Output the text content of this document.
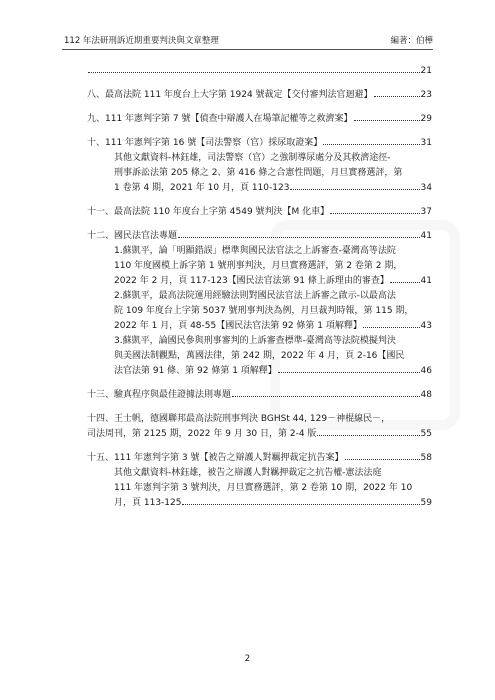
112 年法研刑訴近期重要判決與文章整理	編著：伯樺
21
八、最高法院 111 年度台上大字第 1924 號裁定【交付審判法官迴避】	23
九、111 年憲判字第 7 號【偵查中辯護人在場筆記權等之救濟案】	29
十、111 年憲判字第 16 號【司法警察（官）採尿取證案】	31
其他文獻資料-林鈺雄，司法警察（官）之強制導尿處分及其救濟途徑-
刑事訴訟法第 205 條之 2、第 416 條之合憲性問題，月旦實務選評，第
1 卷第 4 期，2021 年 10 月，頁 110-123	34
十一、最高法院 110 年度台上字第 4549 號判決【M 化車】	37
十二、國民法官法專題	41
1.蘇凱平，論「明顯錯誤」標準與國民法官法之上訴審查-臺灣高等法院
110 年度國模上訴字第 1 號刑事判決，月旦實務選評，第 2 卷第 2 期，
2022 年 2 月，頁 117-123【國民法官法第 91 條上訴理由的審查】	41
2.蘇凱平，最高法院運用經驗法則對國民法官法上訴審之啟示-以最高法
院 109 年度台上字第 5037 號刑事判決為例，月旦裁判時報，第 115 期，
2022 年 1 月，頁 48-55【國民法官法第 92 條第 1 項解釋】	43
3.蘇凱平，論國民參與刑事審判的上訴審查標準-臺灣高等法院模擬判決
與美國法制觀點，萬國法律，第 242 期，2022 年 4 月，頁 2-16【國民
法官法第 91 條、第 92 條第 1 項解釋】	46
十三、驗真程序與最佳證據法則專題	48
十四、王士帆，德國聯邦最高法院刑事判決 BGHSt 44, 129－神棍線民－，
司法周刊，第 2125 期，2022 年 9 月 30 日，第 2-4 版	55
十五、111 年憲判字第 3 號【被告之辯護人對羈押裁定抗告案】	58
其他文獻資料-林鈺雄，被告之辯護人對羈押裁定之抗告權-憲法法庭
111 年憲判字第 3 號判決，月旦實務選評，第 2 卷第 10 期，2022 年 10
月，頁 113-125	59
2
